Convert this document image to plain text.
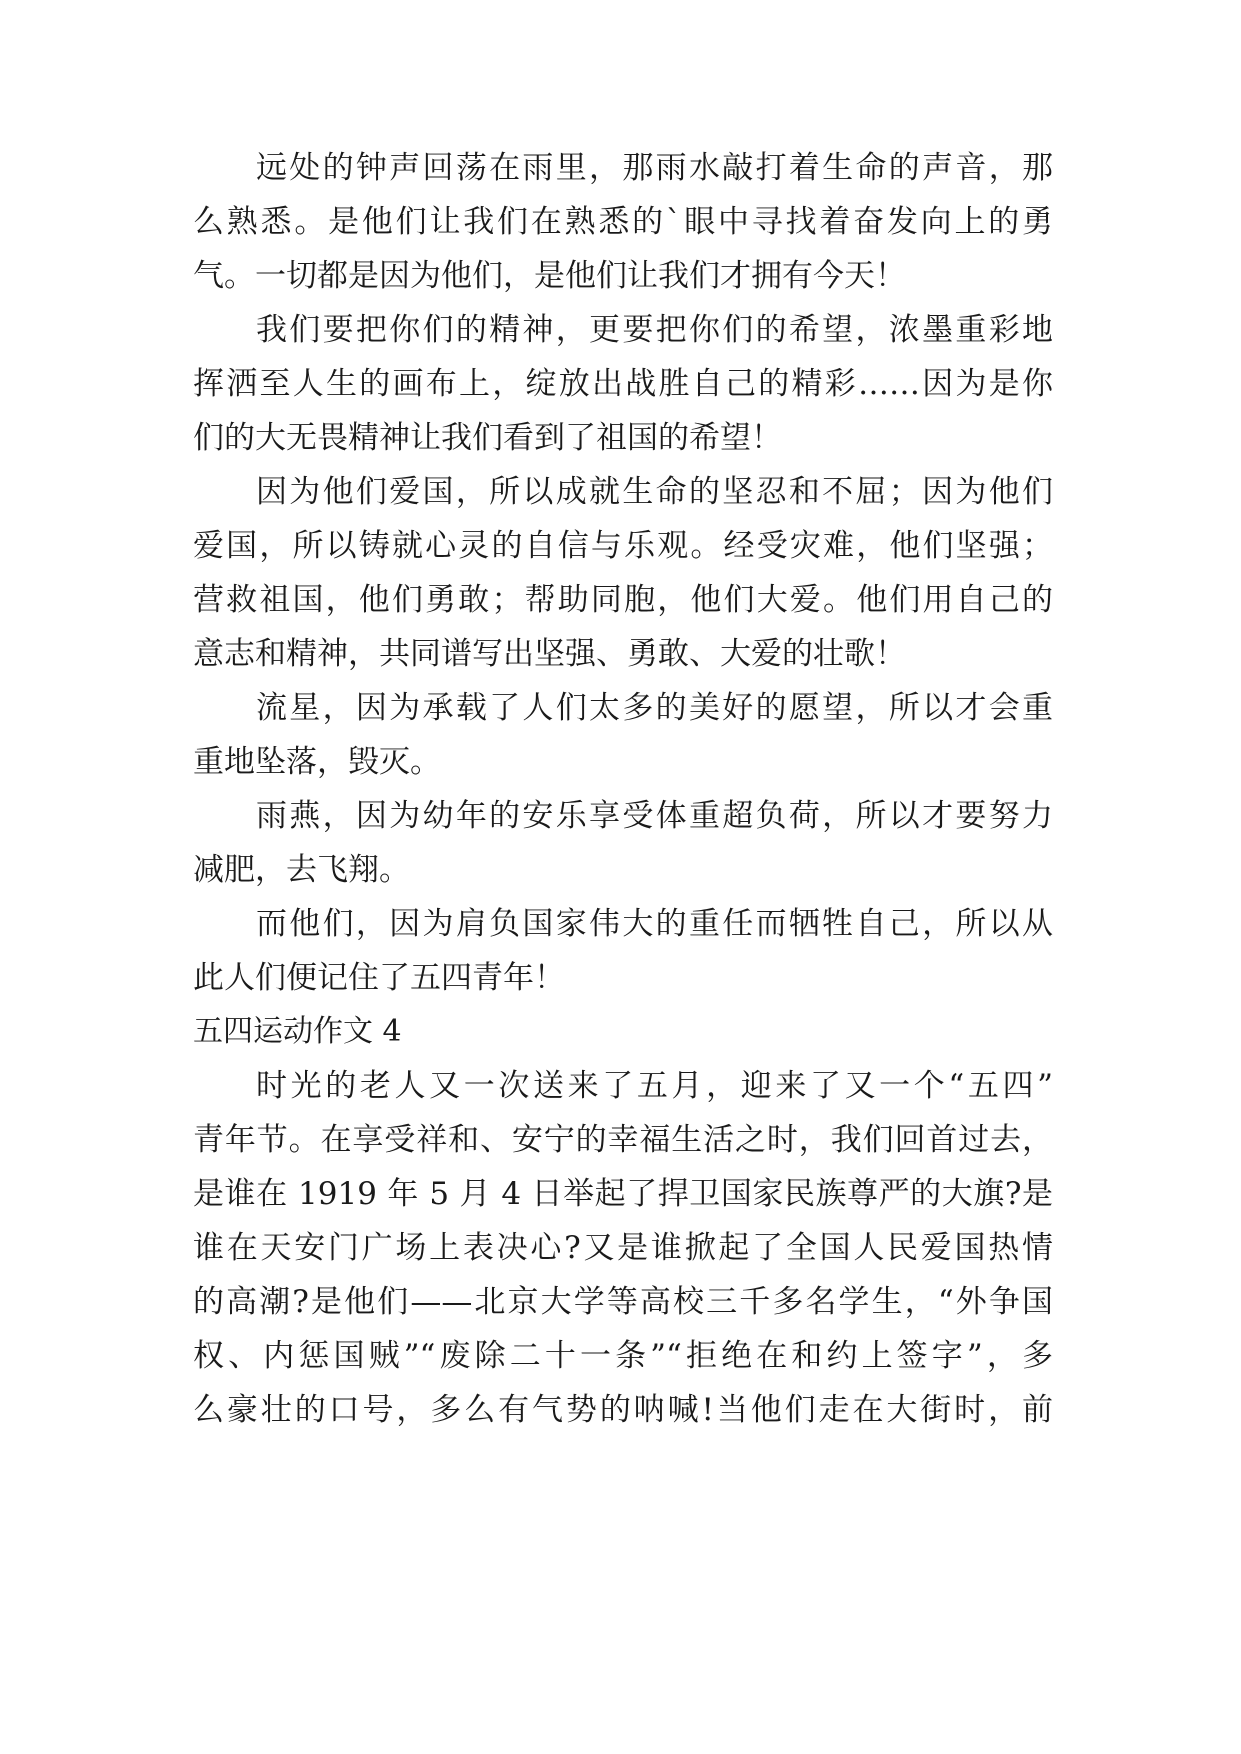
远处的钟声回荡在雨里，那雨水敲打着生命的声音，那
么熟悉。是他们让我们在熟悉的`眼中寻找着奋发向上的勇
气。一切都是因为他们，是他们让我们才拥有今天！
我们要把你们的精神，更要把你们的希望，浓墨重彩地
挥洒至人生的画布上，绽放出战胜自己的精彩……因为是你
们的大无畏精神让我们看到了祖国的希望！
因为他们爱国，所以成就生命的坚忍和不屈；因为他们
爱国，所以铸就心灵的自信与乐观。经受灾难，他们坚强；
营救祖国，他们勇敢；帮助同胞，他们大爱。他们用自己的
意志和精神，共同谱写出坚强、勇敢、大爱的壮歌！
流星，因为承载了人们太多的美好的愿望，所以才会重
重地坠落，毁灭。
雨燕，因为幼年的安乐享受体重超负荷，所以才要努力
减肥，去飞翔。
而他们，因为肩负国家伟大的重任而牺牲自己，所以从
此人们便记住了五四青年！
五四运动作文 4
时光的老人又一次送来了五月，迎来了又一个“五四”
青年节。在享受祥和、安宁的幸福生活之时，我们回首过去，
是谁在 1919 年 5 月 4 日举起了捍卫国家民族尊严的大旗?是
谁在天安门广场上表决心?又是谁掀起了全国人民爱国热情
的高潮?是他们——北京大学等高校三千多名学生，“外争国
权、内惩国贼”“废除二十一条”“拒绝在和约上签字”，多
么豪壮的口号，多么有气势的呐喊!当他们走在大街时，前
